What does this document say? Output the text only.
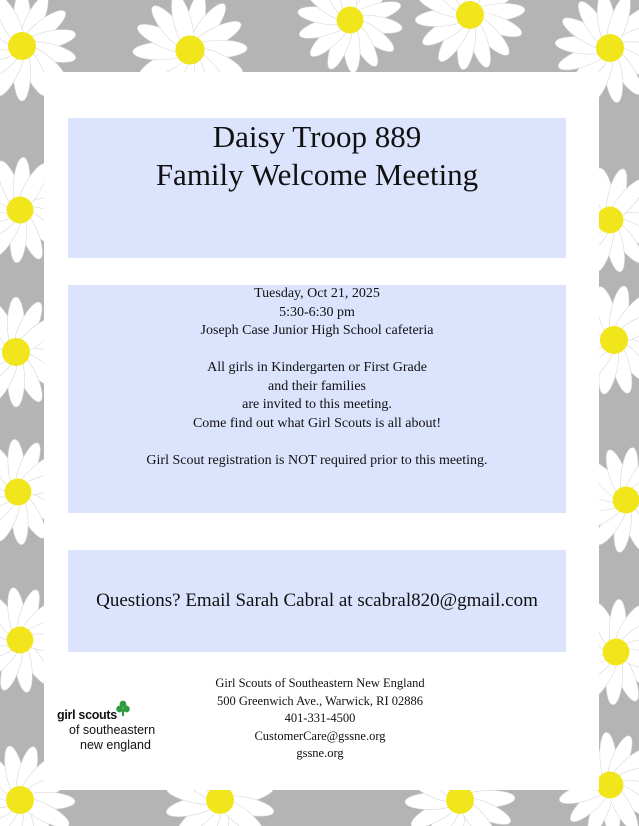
Daisy Troop 889
Family Welcome Meeting
Tuesday, Oct 21, 2025
5:30-6:30 pm
Joseph Case Junior High School cafeteria
All girls in Kindergarten or First Grade
and their families
are invited to this meeting.
Come find out what Girl Scouts is all about!
Girl Scout registration is NOT required prior to this meeting.
Questions? Email Sarah Cabral at scabral820@gmail.com
girl scouts
of southeastern
new england
Girl Scouts of Southeastern New England
500 Greenwich Ave., Warwick, RI 02886
401-331-4500
CustomerCare@gssne.org
gssne.org
